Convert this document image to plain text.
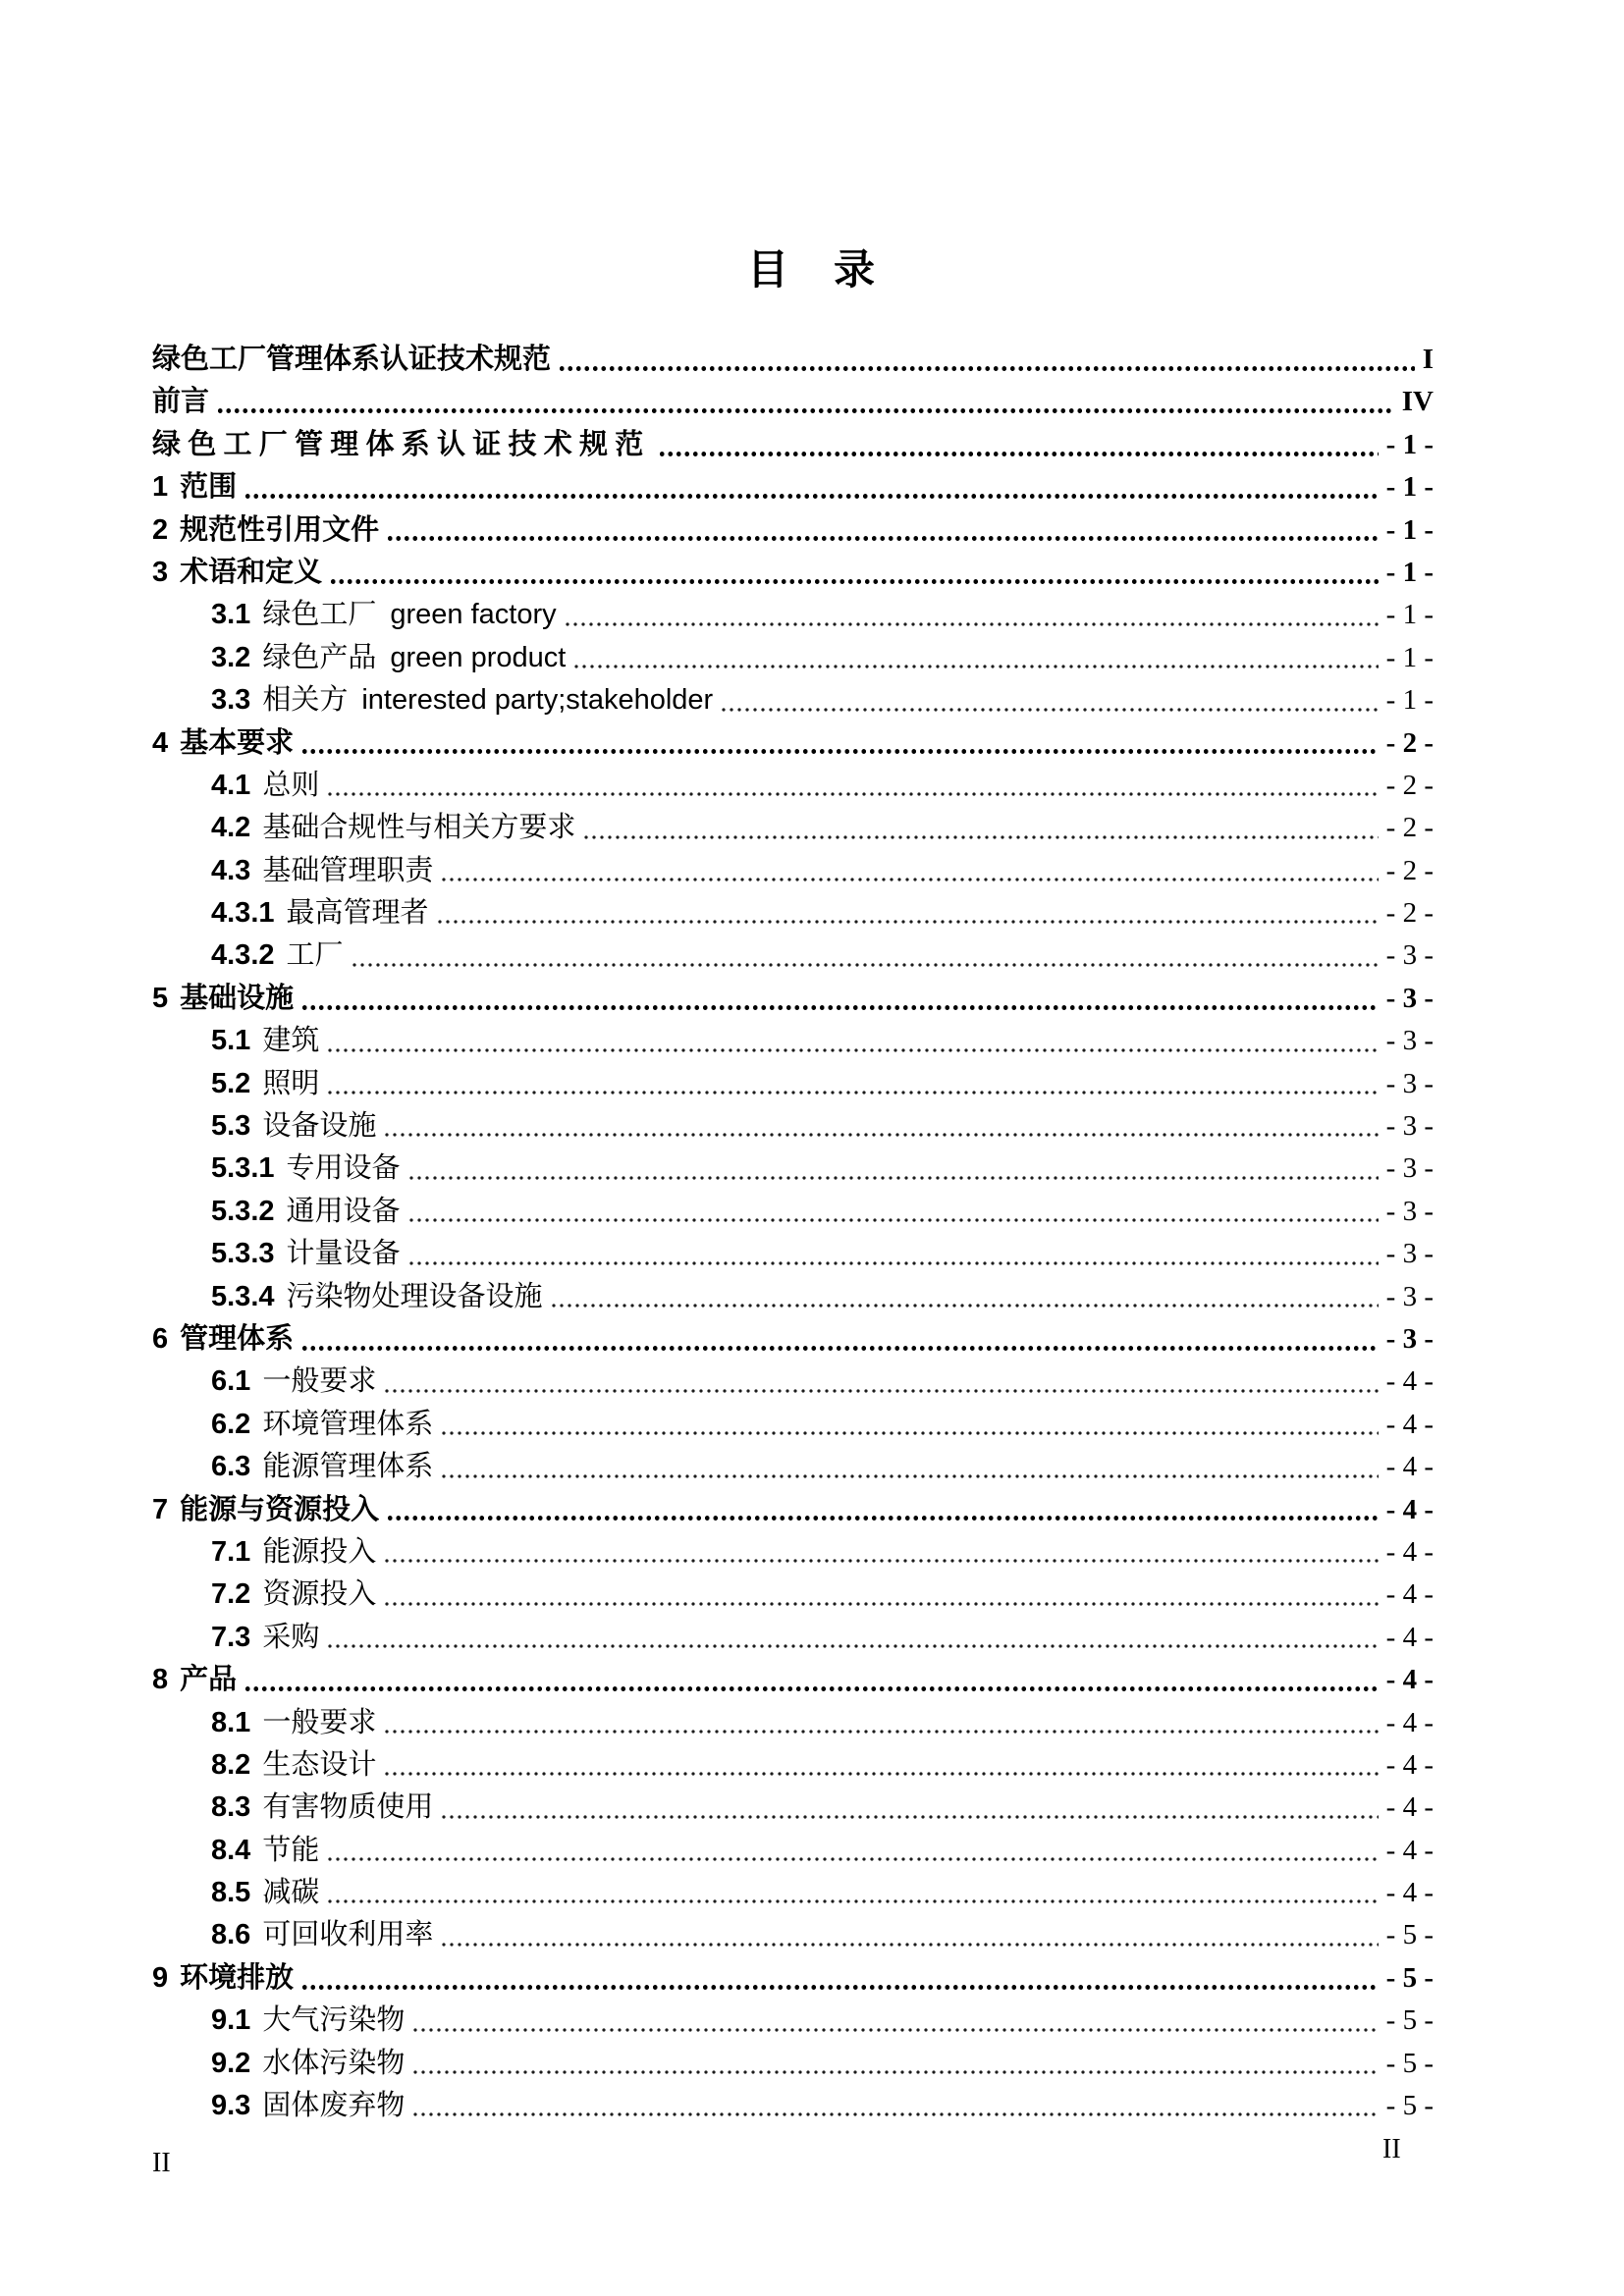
目　录
绿色工厂管理体系认证技术规范	I
前言	IV
绿色工厂管理体系认证技术规范	- 1 -
1 范围	- 1 -
2 规范性引用文件	- 1 -
3 术语和定义	- 1 -
3.1 绿色工厂 green factory	- 1 -
3.2 绿色产品 green product	- 1 -
3.3 相关方 interested party;stakeholder	- 1 -
4 基本要求	- 2 -
4.1 总则	- 2 -
4.2 基础合规性与相关方要求	- 2 -
4.3 基础管理职责	- 2 -
4.3.1 最高管理者	- 2 -
4.3.2 工厂	- 3 -
5 基础设施	- 3 -
5.1 建筑	- 3 -
5.2 照明	- 3 -
5.3 设备设施	- 3 -
5.3.1 专用设备	- 3 -
5.3.2 通用设备	- 3 -
5.3.3 计量设备	- 3 -
5.3.4 污染物处理设备设施	- 3 -
6 管理体系	- 3 -
6.1 一般要求	- 4 -
6.2 环境管理体系	- 4 -
6.3 能源管理体系	- 4 -
7 能源与资源投入	- 4 -
7.1 能源投入	- 4 -
7.2 资源投入	- 4 -
7.3 采购	- 4 -
8 产品	- 4 -
8.1 一般要求	- 4 -
8.2 生态设计	- 4 -
8.3 有害物质使用	- 4 -
8.4 节能	- 4 -
8.5 减碳	- 4 -
8.6 可回收利用率	- 5 -
9 环境排放	- 5 -
9.1 大气污染物	- 5 -
9.2 水体污染物	- 5 -
9.3 固体废弃物	- 5 -
II	II
